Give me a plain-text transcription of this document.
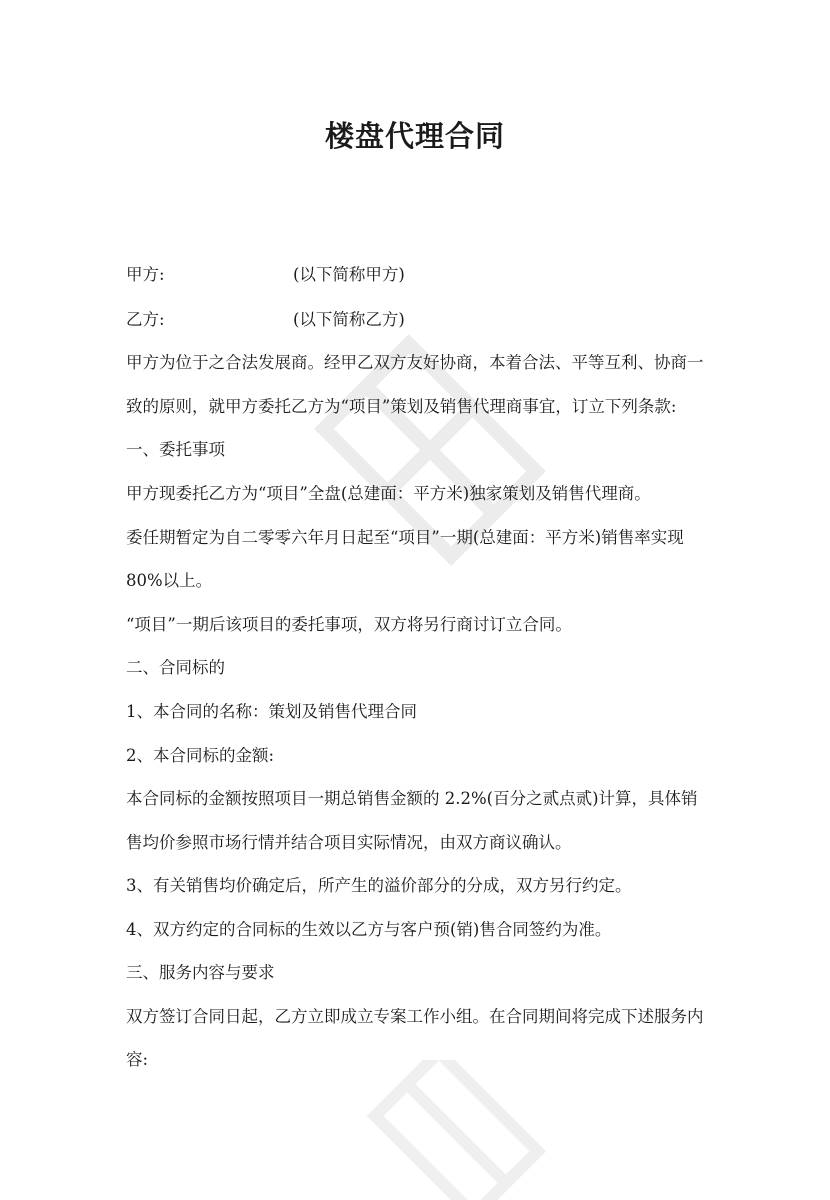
楼盘代理合同
甲方:	(以下简称甲方)
乙方:	(以下简称乙方)
甲方为位于之合法发展商。经甲乙双方友好协商，本着合法、平等互利、协商一
致的原则，就甲方委托乙方为“项目”策划及销售代理商事宜，订立下列条款:
一、委托事项
甲方现委托乙方为“项目”全盘(总建面：平方米)独家策划及销售代理商。
委任期暂定为自二零零六年月日起至“项目”一期(总建面：平方米)销售率实现
80%以上。
“项目”一期后该项目的委托事项，双方将另行商讨订立合同。
二、合同标的
1、本合同的名称：策划及销售代理合同
2、本合同标的金额:
本合同标的金额按照项目一期总销售金额的 2.2%(百分之贰点贰)计算，具体销
售均价参照市场行情并结合项目实际情况，由双方商议确认。
3、有关销售均价确定后，所产生的溢价部分的分成，双方另行约定。
4、双方约定的合同标的生效以乙方与客户预(销)售合同签约为准。
三、服务内容与要求
双方签订合同日起，乙方立即成立专案工作小组。在合同期间将完成下述服务内
容:
